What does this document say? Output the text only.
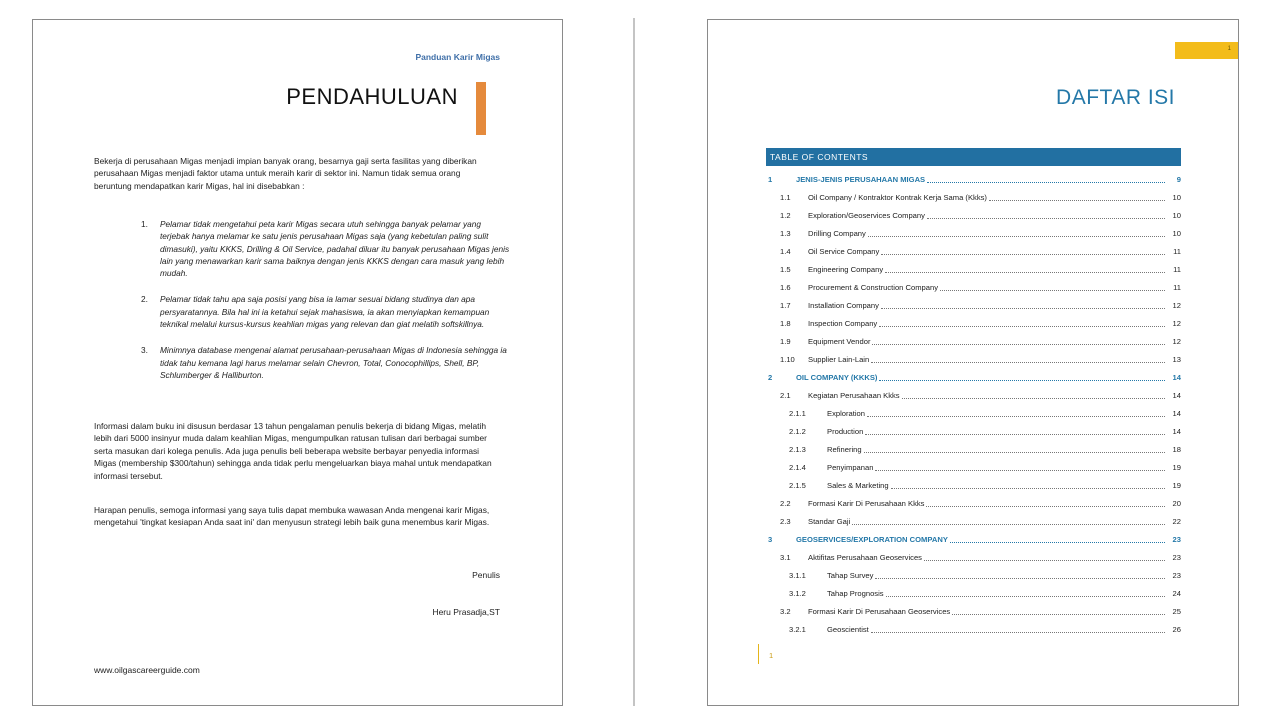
Panduan Karir Migas
PENDAHULUAN

Bekerja di perusahaan Migas menjadi impian banyak orang, besarnya gaji serta fasilitas yang diberikan perusahaan Migas menjadi faktor utama untuk meraih karir di sektor ini. Namun tidak semua orang beruntung mendapatkan karir Migas, hal ini disebabkan :

1. Pelamar tidak mengetahui peta karir Migas secara utuh sehingga banyak pelamar yang terjebak hanya melamar ke satu jenis perusahaan Migas saja (yang kebetulan paling sulit dimasuki), yaitu KKKS, Drilling & Oil Service, padahal diluar itu banyak perusahaan Migas jenis lain yang menawarkan karir sama baiknya dengan jenis KKKS dengan cara masuk yang lebih mudah.
2. Pelamar tidak tahu apa saja posisi yang bisa ia lamar sesuai bidang studinya dan apa persyaratannya. Bila hal ini ia ketahui sejak mahasiswa, ia akan menyiapkan kemampuan teknikal melalui kursus-kursus keahlian migas yang relevan dan giat melatih softskillnya.
3. Minimnya database mengenai alamat perusahaan-perusahaan Migas di Indonesia sehingga ia tidak tahu kemana lagi harus melamar selain Chevron, Total, Conocophillips, Shell, BP, Schlumberger & Halliburton.

Informasi dalam buku ini disusun berdasar 13 tahun pengalaman penulis bekerja di bidang Migas, melatih lebih dari 5000 insinyur muda dalam keahlian Migas, mengumpulkan ratusan tulisan dari berbagai sumber serta masukan dari kolega penulis. Ada juga penulis beli beberapa website berbayar penyedia informasi Migas (membership $300/tahun) sehingga anda tidak perlu mengeluarkan biaya mahal untuk mendapatkan informasi tersebut.

Harapan penulis, semoga informasi yang saya tulis dapat membuka wawasan Anda mengenai karir Migas, mengetahui 'tingkat kesiapan Anda saat ini' dan menyusun strategi lebih baik guna menembus karir Migas.

Penulis
Heru Prasadja,ST
www.oilgascareerguide.com
1
DAFTAR ISI
TABLE OF CONTENTS
1	JENIS-JENIS PERUSAHAAN MIGAS	9
1.1	Oil Company / Kontraktor Kontrak Kerja Sama (Kkks)	10
1.2	Exploration/Geoservices Company	10
1.3	Drilling Company	10
1.4	Oil Service Company	11
1.5	Engineering Company	11
1.6	Procurement & Construction Company	11
1.7	Installation Company	12
1.8	Inspection Company	12
1.9	Equipment Vendor	12
1.10	Supplier Lain-Lain	13
2	OIL COMPANY (KKKS)	14
2.1	Kegiatan Perusahaan Kkks	14
2.1.1	Exploration	14
2.1.2	Production	14
2.1.3	Refinering	18
2.1.4	Penyimpanan	19
2.1.5	Sales & Marketing	19
2.2	Formasi Karir Di Perusahaan Kkks	20
2.3	Standar Gaji	22
3	GEOSERVICES/EXPLORATION COMPANY	23
3.1	Aktifitas Perusahaan Geoservices	23
3.1.1	Tahap Survey	23
3.1.2	Tahap Prognosis	24
3.2	Formasi Karir Di Perusahaan Geoservices	25
3.2.1	Geoscientist	26
1
